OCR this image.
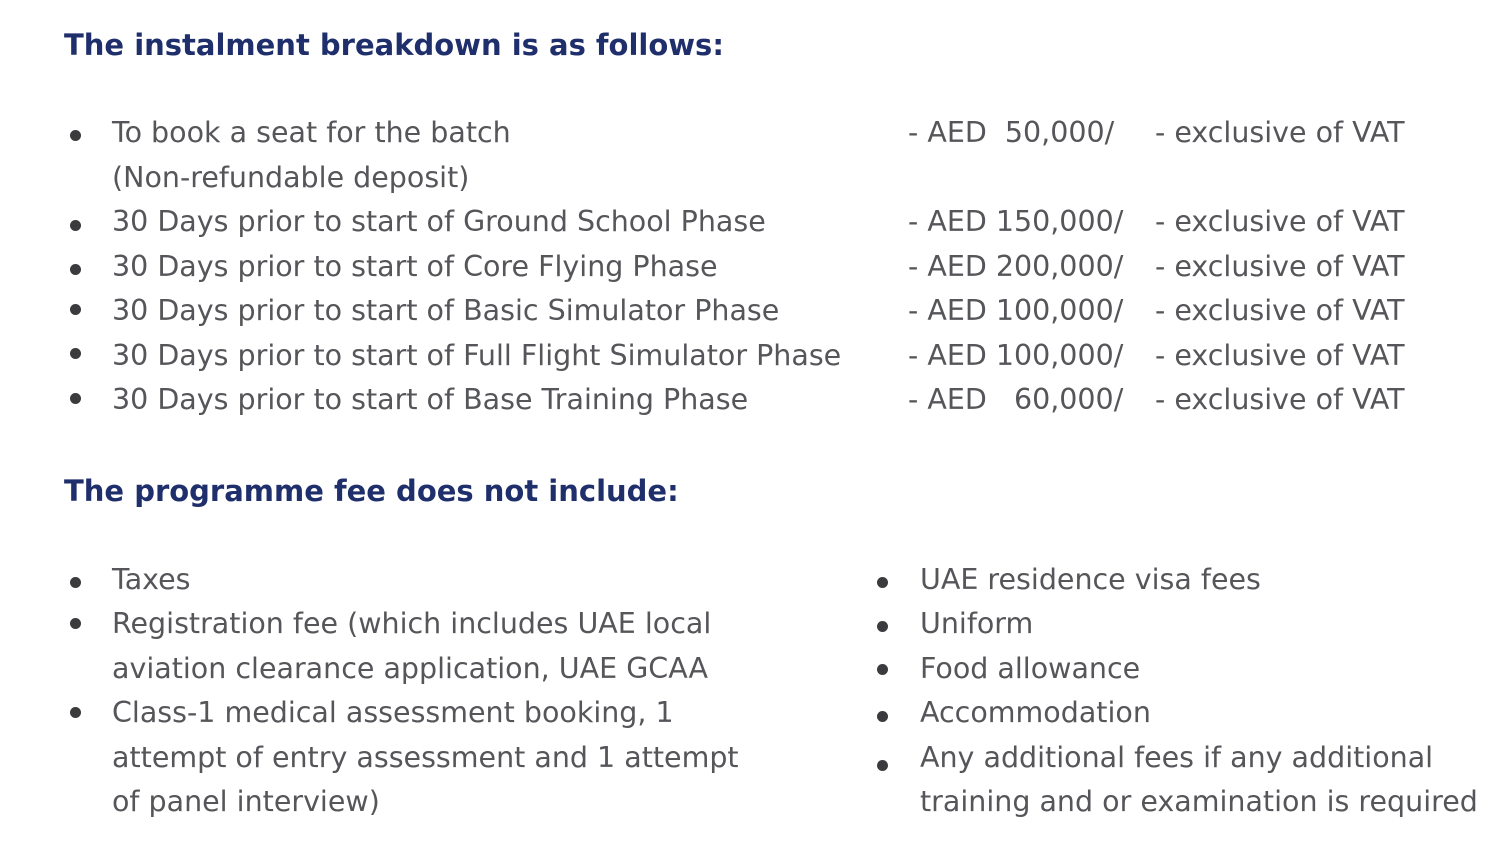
The instalment breakdown is as follows:
To book a seat for the batch
(Non-refundable deposit)
- AED  50,000/ - exclusive of VAT
30 Days prior to start of Ground School Phase	- AED 150,000/ - exclusive of VAT
30 Days prior to start of Core Flying Phase	- AED 200,000/ - exclusive of VAT
30 Days prior to start of Basic Simulator Phase	- AED 100,000/ - exclusive of VAT
30 Days prior to start of Full Flight Simulator Phase - AED 100,000/ - exclusive of VAT
30 Days prior to start of Base Training Phase	- AED   60,000/ - exclusive of VAT
The programme fee does not include:
Taxes
Registration fee (which includes UAE local
aviation clearance application, UAE GCAA
Class-1 medical assessment booking, 1
attempt of entry assessment and 1 attempt
of panel interview)
UAE residence visa fees
Uniform
Food allowance
Accommodation
Any additional fees if any additional
training and or examination is required
